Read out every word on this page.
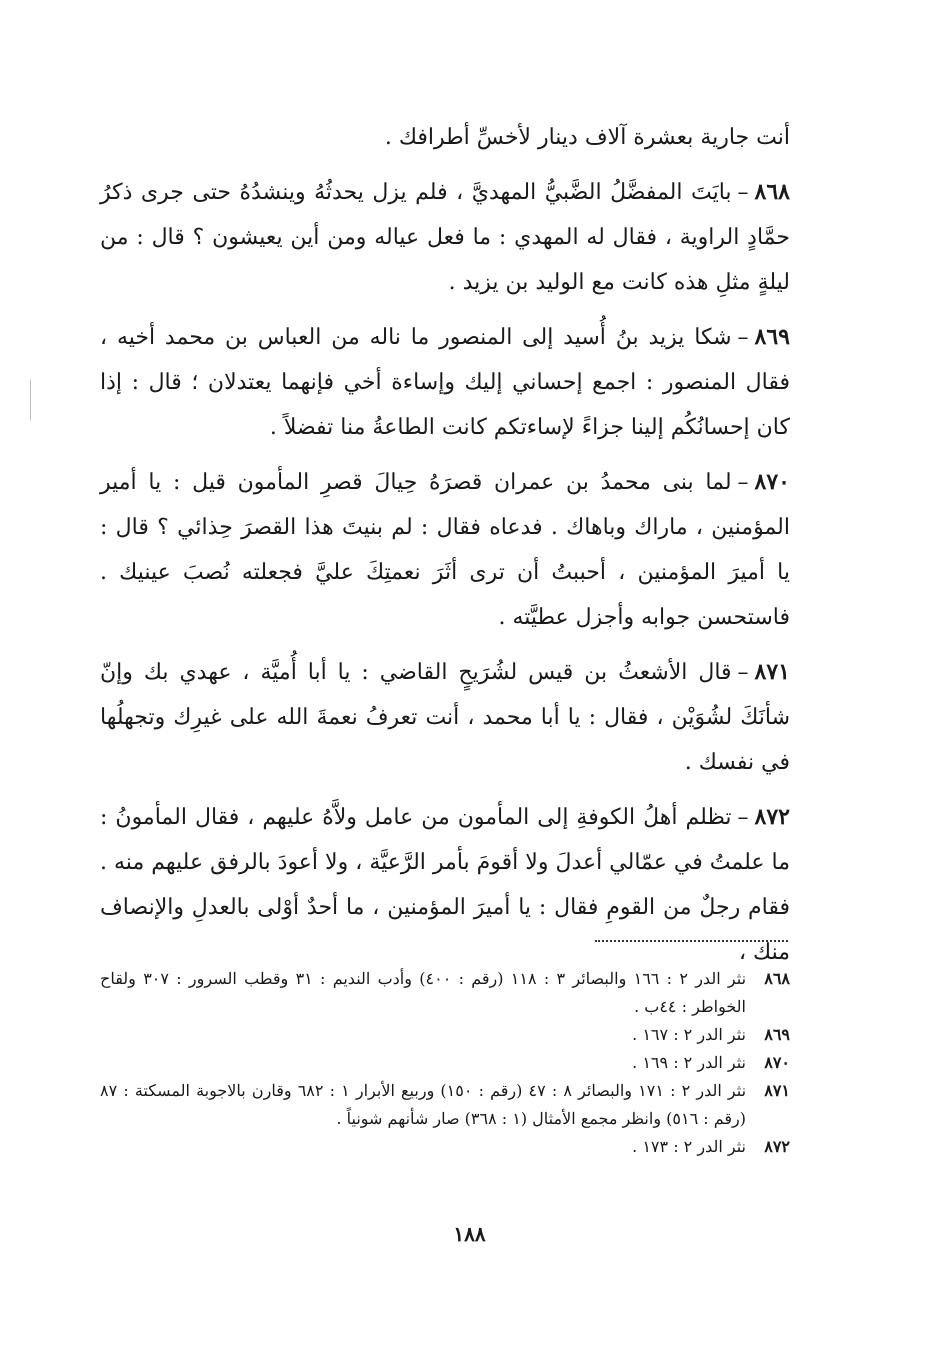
أنت جارية بعشرة آلاف دينار لأخسِّ أطرافك .

٨٦٨–بايَتَ المفضَّلُ الضَّبيُّ المهديَّ ، فلم يزل يحدثُهُ وينشدُهُ حتى جرى ذكرُ حمَّادٍ الراوية ، فقال له المهدي : ما فعل عياله ومن أين يعيشون ؟ قال : من ليلةٍ مثلِ هذه كانت مع الوليد بن يزيد .

٨٦٩–شكا يزيد بنُ أُسيد إلى المنصور ما ناله من العباس بن محمد أخيه ، فقال المنصور : اجمع إحساني إليك وإساءة أخي فإنهما يعتدلان ؛ قال : إذا كان إحسانُكُم إلينا جزاءً لإساءتكم كانت الطاعةُ منا تفضلاً .

٨٧٠–لما بنى محمدُ بن عمران قصرَهُ حِيالَ قصرِ المأمون قيل : يا أمير المؤمنين ، ماراك وباهاك . فدعاه فقال : لم بنيتَ هذا القصرَ حِذائي ؟ قال : يا أميرَ المؤمنين ، أحببتُ أن ترى أثَرَ نعمتِكَ عليَّ فجعلته نُصبَ عينيك . فاستحسن جوابه وأجزل عطيَّته .

٨٧١–قال الأشعثُ بن قيس لشُرَيحٍ القاضي : يا أبا أُميَّة ، عهدي بك وإنّ شأنَكَ لشُوَيْن ، فقال : يا أبا محمد ، أنت تعرفُ نعمةَ الله على غيرِك وتجهلُها في نفسك .

٨٧٢–تظلم أهلُ الكوفةِ إلى المأمون من عامل ولاَّهُ عليهم ، فقال المأمونُ : ما علمتُ في عمّالي أعدلَ ولا أقومَ بأمر الرَّعيَّة ، ولا أعودَ بالرفق عليهم منه . فقام رجلٌ من القومِ فقال : يا أميرَ المؤمنين ، ما أحدٌ أوْلى بالعدلِ والإنصاف منك ،

٨٦٨
نثر الدر ٢ : ١٦٦ والبصائر ٣ : ١١٨ (رقم : ٤٠٠) وأدب النديم : ٣١ وقطب السرور : ٣٠٧ ولقاح الخواطر : ٤٤ب .
٨٦٩
نثر الدر ٢ : ١٦٧ .
٨٧٠
نثر الدر ٢ : ١٦٩ .
٨٧١
نثر الدر ٢ : ١٧١ والبصائر ٨ : ٤٧ (رقم : ١٥٠) وربيع الأبرار ١ : ٦٨٢ وقارن بالاجوبة المسكتة : ٨٧ (رقم : ٥١٦) وانظر مجمع الأمثال (١ : ٣٦٨) صار شأنهم شونياً .
٨٧٢
نثر الدر ٢ : ١٧٣ .
١٨٨
